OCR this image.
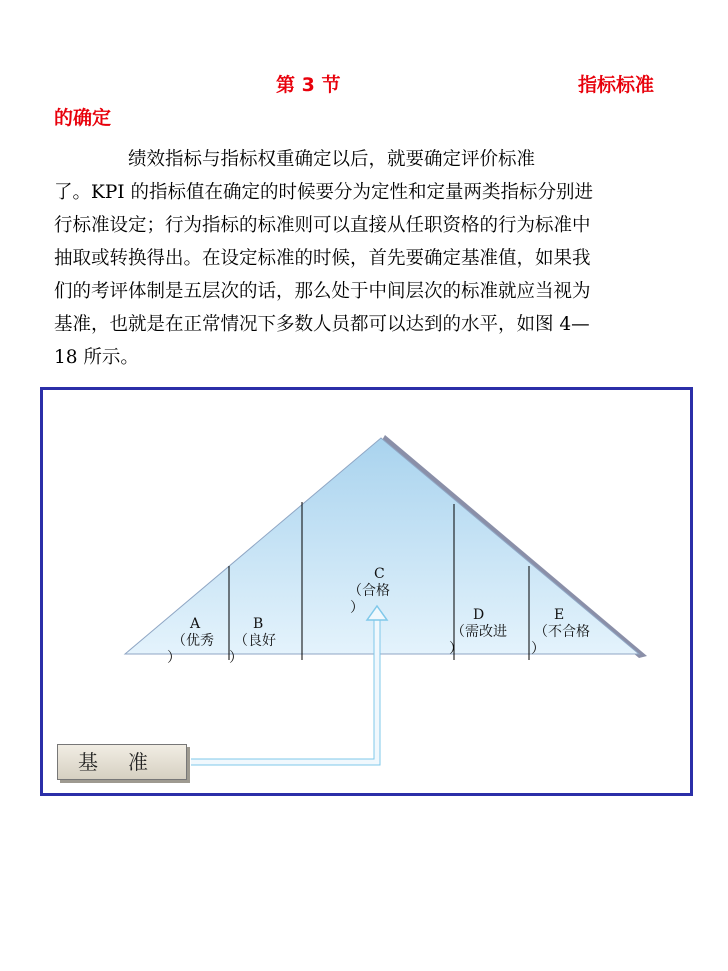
第 3 节	指标标准
的确定
绩效指标与指标权重确定以后，就要确定评价标准
了。KPI 的指标值在确定的时候要分为定性和定量两类指标分别进
行标准设定；行为指标的标准则可以直接从任职资格的行为标准中
抽取或转换得出。在设定标准的时候，首先要确定基准值，如果我
们的考评体制是五层次的话，那么处于中间层次的标准就应当视为
基准，也就是在正常情况下多数人员都可以达到的水平，如图 4—
18 所示。
A
（优秀
）
B
（良好
）
C
（合格
）	D
（需改进
）
E
（不合格
）
基准
